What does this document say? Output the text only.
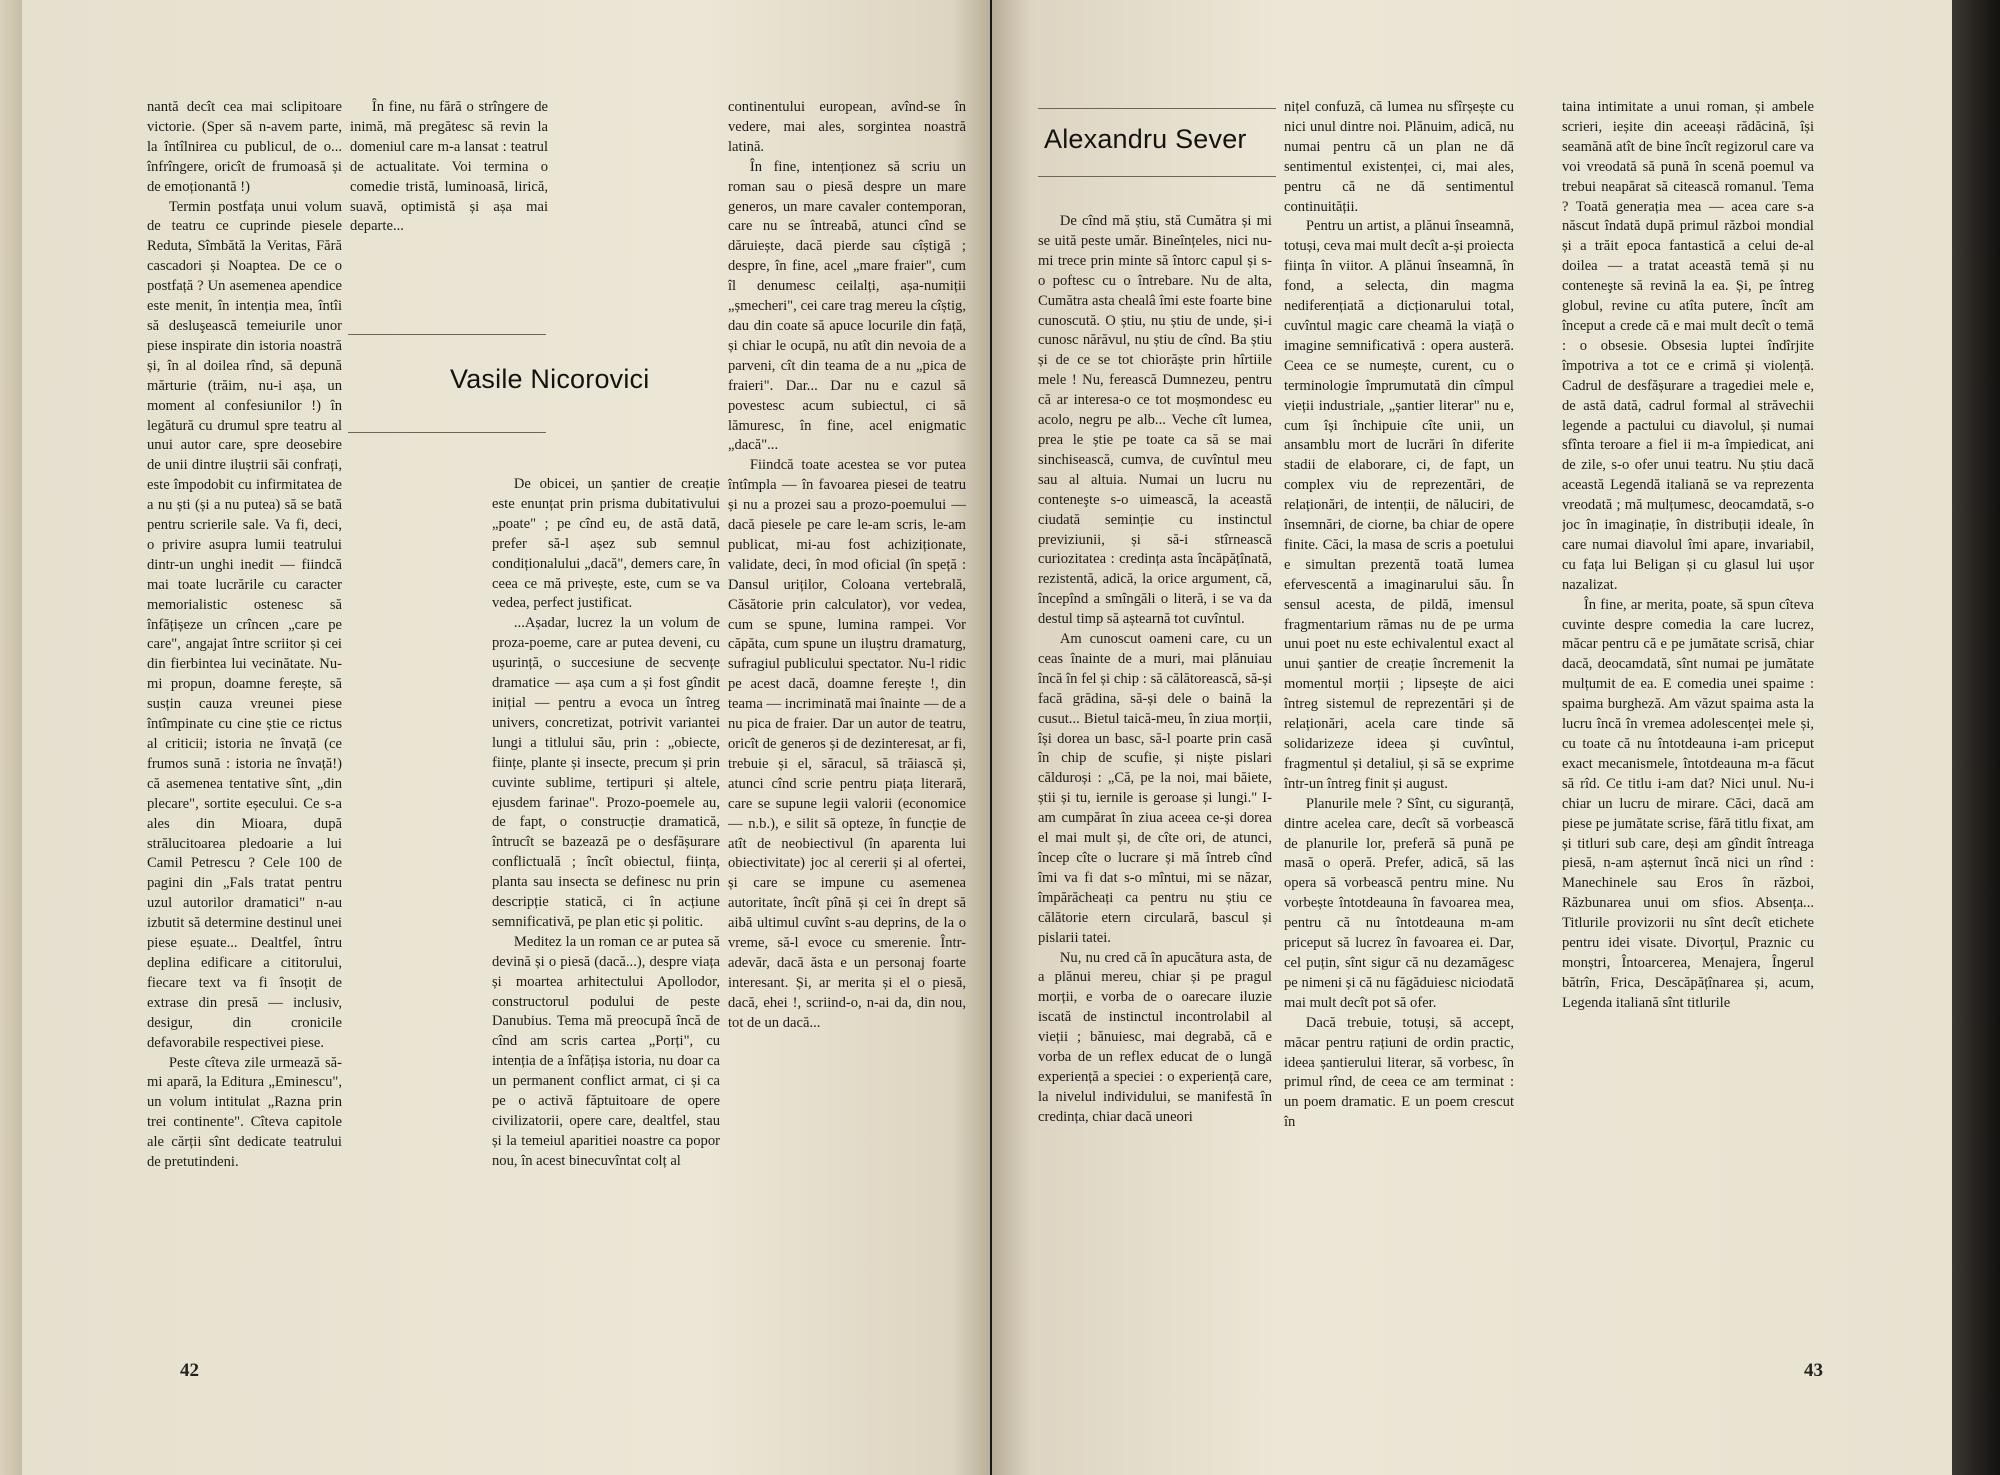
nantă decît cea mai sclipitoare victorie. (Sper să n-avem parte, la întîlnirea cu publicul, de o... înfrîngere, oricît de frumoasă și de emoționantă !)

Termin postfața unui volum de teatru ce cuprinde piesele Reduta, Sîmbătă la Veritas, Fără cascadori și Noaptea. De ce o postfață ? Un asemenea apendice este menit, în intenția mea, întîi să desluşească temeiurile unor piese inspirate din istoria noastră și, în al doilea rînd, să depună mărturie (trăim, nu-i așa, un moment al confesiunilor !) în legătură cu drumul spre teatru al unui autor care, spre deosebire de unii dintre iluștrii săi confrați, este împodobit cu infirmitatea de a nu ști (și a nu putea) să se bată pentru scrierile sale. Va fi, deci, o privire asupra lumii teatrului dintr-un unghi inedit — fiindcă mai toate lucrările cu caracter memorialistic ostenesc să înfățișeze un crîncen „care pe care", angajat între scriitor și cei din fierbintea lui vecinătate. Nu-mi propun, doamne ferește, să susțin cauza vreunei piese întîmpinate cu cine știe ce rictus al criticii; istoria ne învață (ce frumos sună : istoria ne învață!) că asemenea tentative sînt, „din plecare", sortite eșecului. Ce s-a ales din Mioara, după strălucitoarea pledoarie a lui Camil Petrescu ? Cele 100 de pagini din „Fals tratat pentru uzul autorilor dramatici" n-au izbutit să determine destinul unei piese eșuate... Dealtfel, întru deplina edificare a cititorului, fiecare text va fi însoțit de extrase din presă — inclusiv, desigur, din cronicile defavorabile respectivei piese.

Peste cîteva zile urmează să-mi apară, la Editura „Eminescu", un volum intitulat „Razna prin trei continente". Cîteva capitole ale cărții sînt dedicate teatrului de pretutindeni.

În fine, nu fără o strîngere de inimă, mă pregătesc să revin la domeniul care m-a lansat : teatrul de actualitate. Voi termina o comedie tristă, luminoasă, lirică, suavă, optimistă și așa mai departe...

Vasile Nicorovici

De obicei, un șantier de creație este enunțat prin prisma dubitativului „poate" ; pe cînd eu, de astă dată, prefer să-l așez sub semnul condiționalului „dacă", demers care, în ceea ce mă privește, este, cum se va vedea, perfect justificat.

...Așadar, lucrez la un volum de proza-poeme, care ar putea deveni, cu ușurință, o succesiune de secvențe dramatice — așa cum a și fost gîndit inițial — pentru a evoca un întreg univers, concretizat, potrivit variantei lungi a titlului său, prin : „obiecte, ființe, plante și insecte, precum și prin cuvinte sublime, tertipuri și altele, ejusdem farinae". Prozo-poemele au, de fapt, o construcție dramatică, întrucît se bazează pe o desfășurare conflictuală ; încît obiectul, ființa, planta sau insecta se definesc nu prin descripție statică, ci în acțiune semnificativă, pe plan etic și politic.

Meditez la un roman ce ar putea să devină și o piesă (dacă...), despre viața și moartea arhitectului Apollodor, constructorul podului de peste Danubius. Tema mă preocupă încă de cînd am scris cartea „Porți", cu intenția de a înfățișa istoria, nu doar ca un permanent conflict armat, ci și ca pe o activă făptuitoare de opere civilizatorii, opere care, dealtfel, stau și la temeiul aparitiei noastre ca popor nou, în acest binecuvîntat colț al

continentului european, avînd-se în vedere, mai ales, sorgintea noastră latină.

În fine, intenționez să scriu un roman sau o piesă despre un mare generos, un mare cavaler contemporan, care nu se întreabă, atunci cînd se dăruiește, dacă pierde sau cîștigă ; despre, în fine, acel „mare fraier", cum îl denumesc ceilalți, așa-numiții „șmecheri", cei care trag mereu la cîștig, dau din coate să apuce locurile din față, și chiar le ocupă, nu atît din nevoia de a parveni, cît din teama de a nu „pica de fraieri". Dar... Dar nu e cazul să povestesc acum subiectul, ci să lămuresc, în fine, acel enigmatic „dacă"...

Fiindcă toate acestea se vor putea întîmpla — în favoarea piesei de teatru și nu a prozei sau a prozo-poemului — dacă piesele pe care le-am scris, le-am publicat, mi-au fost achiziționate, validate, deci, în mod oficial (în speță : Dansul uriților, Coloana vertebrală, Căsătorie prin calculator), vor vedea, cum se spune, lumina rampei. Vor căpăta, cum spune un iluștru dramaturg, sufragiul publicului spectator. Nu-l ridic pe acest dacă, doamne ferește !, din teama — incriminată mai înainte — de a nu pica de fraier. Dar un autor de teatru, oricît de generos și de dezinteresat, ar fi, trebuie și el, săracul, să trăiască și, atunci cînd scrie pentru piața literară, care se supune legii valorii (economice — n.b.), e silit să opteze, în funcție de atît de neobiectivul (în aparenta lui obiectivitate) joc al cererii și al ofertei, și care se impune cu asemenea autoritate, încît pînă și cei în drept să aibă ultimul cuvînt s-au deprins, de la o vreme, să-l evoce cu smerenie. Într-adevăr, dacă ăsta e un personaj foarte interesant. Și, ar merita și el o piesă, dacă, ehei !, scriind-o, n-ai da, din nou, tot de un dacă...

42
Alexandru Sever

De cînd mă știu, stă Cumătra și mi se uită peste umăr. Bineînțeles, nici nu-mi trece prin minte să întorc capul și s-o poftesc cu o întrebare. Nu de alta, Cumătra asta chealâ îmi este foarte bine cunoscută. O știu, nu știu de unde, și-i cunosc nărăvul, nu știu de cînd. Ba știu și de ce se tot chiorăște prin hîrtiile mele ! Nu, ferească Dumnezeu, pentru că ar interesa-o ce tot moșmondesc eu acolo, negru pe alb... Veche cît lumea, prea le știe pe toate ca să se mai sinchisească, cumva, de cuvîntul meu sau al altuia. Numai un lucru nu conteneşte s-o uimească, la această ciudată seminție cu instinctul previziunii, și să-i stîrnească curiozitatea : credința asta încăpățînată, rezistentă, adică, la orice argument, că, începînd a smîngăli o literă, i se va da destul timp să aștearnă tot cuvîntul.

Am cunoscut oameni care, cu un ceas înainte de a muri, mai plănuiau încă în fel și chip : să călătorească, să-și facă grădina, să-și dele o baină la cusut... Bietul taică-meu, în ziua morții, își dorea un basc, să-l poarte prin casă în chip de scufie, și niște pislari călduroși : „Că, pe la noi, mai băiete, știi și tu, iernile is geroase și lungi." I-am cumpărat în ziua aceea ce-și dorea el mai mult și, de cîte ori, de atunci, încep cîte o lucrare și mă întreb cînd îmi va fi dat s-o mîntui, mi se năzar, împărăcheați ca pentru nu știu ce călătorie etern circulară, bascul și pislarii tatei.

Nu, nu cred că în apucătura asta, de a plănui mereu, chiar și pe pragul morții, e vorba de o oarecare iluzie iscată de instinctul incontrolabil al vieții ; bănuiesc, mai degrabă, că e vorba de un reflex educat de o lungă experiență a speciei : o experiență care, la nivelul individului, se manifestă în credința, chiar dacă uneori

nițel confuză, că lumea nu sfîrșește cu nici unul dintre noi. Plănuim, adică, nu numai pentru că un plan ne dă sentimentul existenței, ci, mai ales, pentru că ne dă sentimentul continuității.

Pentru un artist, a plănui înseamnă, totuși, ceva mai mult decît a-și proiecta ființa în viitor. A plănui înseamnă, în fond, a selecta, din magma nediferențiată a dicționarului total, cuvîntul magic care cheamă la viață o imagine semnificativă : opera austeră. Ceea ce se numește, curent, cu o terminologie împrumutată din cîmpul vieții industriale, „șantier literar" nu e, cum își închipuie cîte unii, un ansamblu mort de lucrări în diferite stadii de elaborare, ci, de fapt, un complex viu de reprezentări, de relaționări, de intenții, de năluciri, de însemnări, de ciorne, ba chiar de opere finite. Căci, la masa de scris a poetului e simultan prezentă toată lumea efervescentă a imaginarului său. În sensul acesta, de pildă, imensul fragmentarium rămas nu de pe urma unui poet nu este echivalentul exact al unui șantier de creație încremenit la momentul morții ; lipsește de aici întreg sistemul de reprezentări și de relaționări, acela care tinde să solidarizeze ideea și cuvîntul, fragmentul și detaliul, și să se exprime într-un întreg finit și august.

Planurile mele ? Sînt, cu siguranță, dintre acelea care, decît să vorbească de planurile lor, preferă să pună pe masă o operă. Prefer, adică, să las opera să vorbească pentru mine. Nu vorbește întotdeauna în favoarea mea, pentru că nu întotdeauna m-am priceput să lucrez în favoarea ei. Dar, cel puțin, sînt sigur că nu dezamăgesc pe nimeni și că nu făgăduiesc niciodată mai mult decît pot să ofer.

Dacă trebuie, totuși, să accept, măcar pentru rațiuni de ordin practic, ideea șantierului literar, să vorbesc, în primul rînd, de ceea ce am terminat : un poem dramatic. E un poem crescut în

taina intimitate a unui roman, și ambele scrieri, ieșite din aceeași rădăcină, își seamănă atît de bine încît regizorul care va voi vreodată să pună în scenă poemul va trebui neapărat să citească romanul. Tema ? Toată generația mea — acea care s-a născut îndată după primul război mondial și a trăit epoca fantastică a celui de-al doilea — a tratat această temă și nu conteneşte să revină la ea. Și, pe întreg globul, revine cu atîta putere, încît am început a crede că e mai mult decît o temă : o obsesie. Obsesia luptei îndîrjite împotriva a tot ce e crimă și violență. Cadrul de desfășurare a tragediei mele e, de astă dată, cadrul formal al străvechii legende a pactului cu diavolul, și numai sfînta teroare a fiel ii m-a împiedicat, ani de zile, s-o ofer unui teatru. Nu știu dacă această Legendă italiană se va reprezenta vreodată ; mă mulțumesc, deocamdată, s-o joc în imaginație, în distribuții ideale, în care numai diavolul îmi apare, invariabil, cu fața lui Beligan și cu glasul lui ușor nazalizat.

În fine, ar merita, poate, să spun cîteva cuvinte despre comedia la care lucrez, măcar pentru că e pe jumătate scrisă, chiar dacă, deocamdată, sînt numai pe jumătate mulțumit de ea. E comedia unei spaime : spaima burgheză. Am văzut spaima asta la lucru încă în vremea adolescenței mele și, cu toate că nu întotdeauna i-am priceput exact mecanismele, întotdeauna m-a făcut să rîd. Ce titlu i-am dat? Nici unul. Nu-i chiar un lucru de mirare. Căci, dacă am piese pe jumătate scrise, fără titlu fixat, am și titluri sub care, deși am gîndit întreaga piesă, n-am așternut încă nici un rînd : Manechinele sau Eros în război, Răzbunarea unui om sfios. Absența... Titlurile provizorii nu sînt decît etichete pentru idei visate. Divorțul, Praznic cu monștri, Întoarcerea, Menajera, Îngerul bătrîn, Frica, Descăpățînarea și, acum, Legenda italiană sînt titlurile

43
